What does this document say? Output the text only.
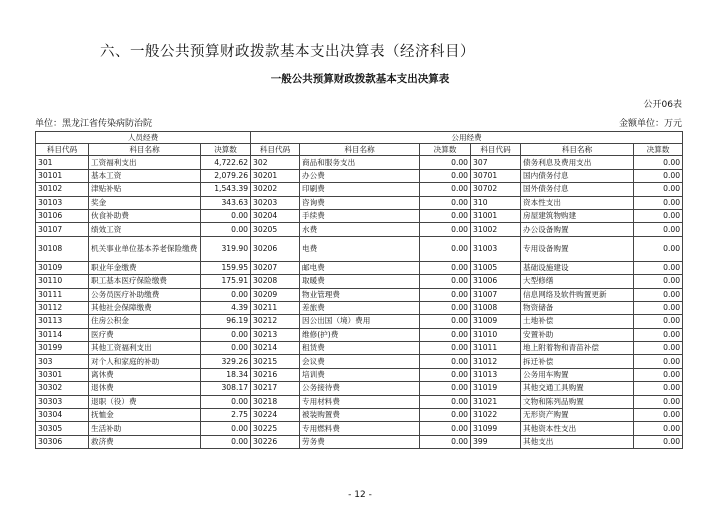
六、一般公共预算财政拨款基本支出决算表（经济科目）
一般公共预算财政拨款基本支出决算表
公开06表
单位：黑龙江省传染病防治院	金额单位：万元
人员经费			公用经费					
科目代码	科目名称	决算数	科目代码	科目名称	决算数	科目代码	科目名称	决算数
301	工资福利支出	4,722.62	302	商品和服务支出	0.00	307	债务利息及费用支出	0.00
30101	基本工资	2,079.26	30201	办公费	0.00	30701	国内债务付息	0.00
30102	津贴补贴	1,543.39	30202	印刷费	0.00	30702	国外债务付息	0.00
30103	奖金	343.63	30203	咨询费	0.00	310	资本性支出	0.00
30106	伙食补助费	0.00	30204	手续费	0.00	31001	房屋建筑物购建	0.00
30107	绩效工资	0.00	30205	水费	0.00	31002	办公设备购置	0.00
30108	机关事业单位基本养老保险缴费	319.90	30206	电费	0.00	31003	专用设备购置	0.00
30109	职业年金缴费	159.95	30207	邮电费	0.00	31005	基础设施建设	0.00
30110	职工基本医疗保险缴费	175.91	30208	取暖费	0.00	31006	大型修缮	0.00
30111	公务员医疗补助缴费	0.00	30209	物业管理费	0.00	31007	信息网络及软件购置更新	0.00
30112	其他社会保障缴费	4.39	30211	差旅费	0.00	31008	物资储备	0.00
30113	住房公积金	96.19	30212	因公出国（境）费用	0.00	31009	土地补偿	0.00
30114	医疗费	0.00	30213	维修(护)费	0.00	31010	安置补助	0.00
30199	其他工资福利支出	0.00	30214	租赁费	0.00	31011	地上附着物和青苗补偿	0.00
303	对个人和家庭的补助	329.26	30215	会议费	0.00	31012	拆迁补偿	0.00
30301	离休费	18.34	30216	培训费	0.00	31013	公务用车购置	0.00
30302	退休费	308.17	30217	公务接待费	0.00	31019	其他交通工具购置	0.00
30303	退职（役）费	0.00	30218	专用材料费	0.00	31021	文物和陈列品购置	0.00
30304	抚恤金	2.75	30224	被装购置费	0.00	31022	无形资产购置	0.00
30305	生活补助	0.00	30225	专用燃料费	0.00	31099	其他资本性支出	0.00
30306	救济费	0.00	30226	劳务费	0.00	399	其他支出	0.00
- 12 -
